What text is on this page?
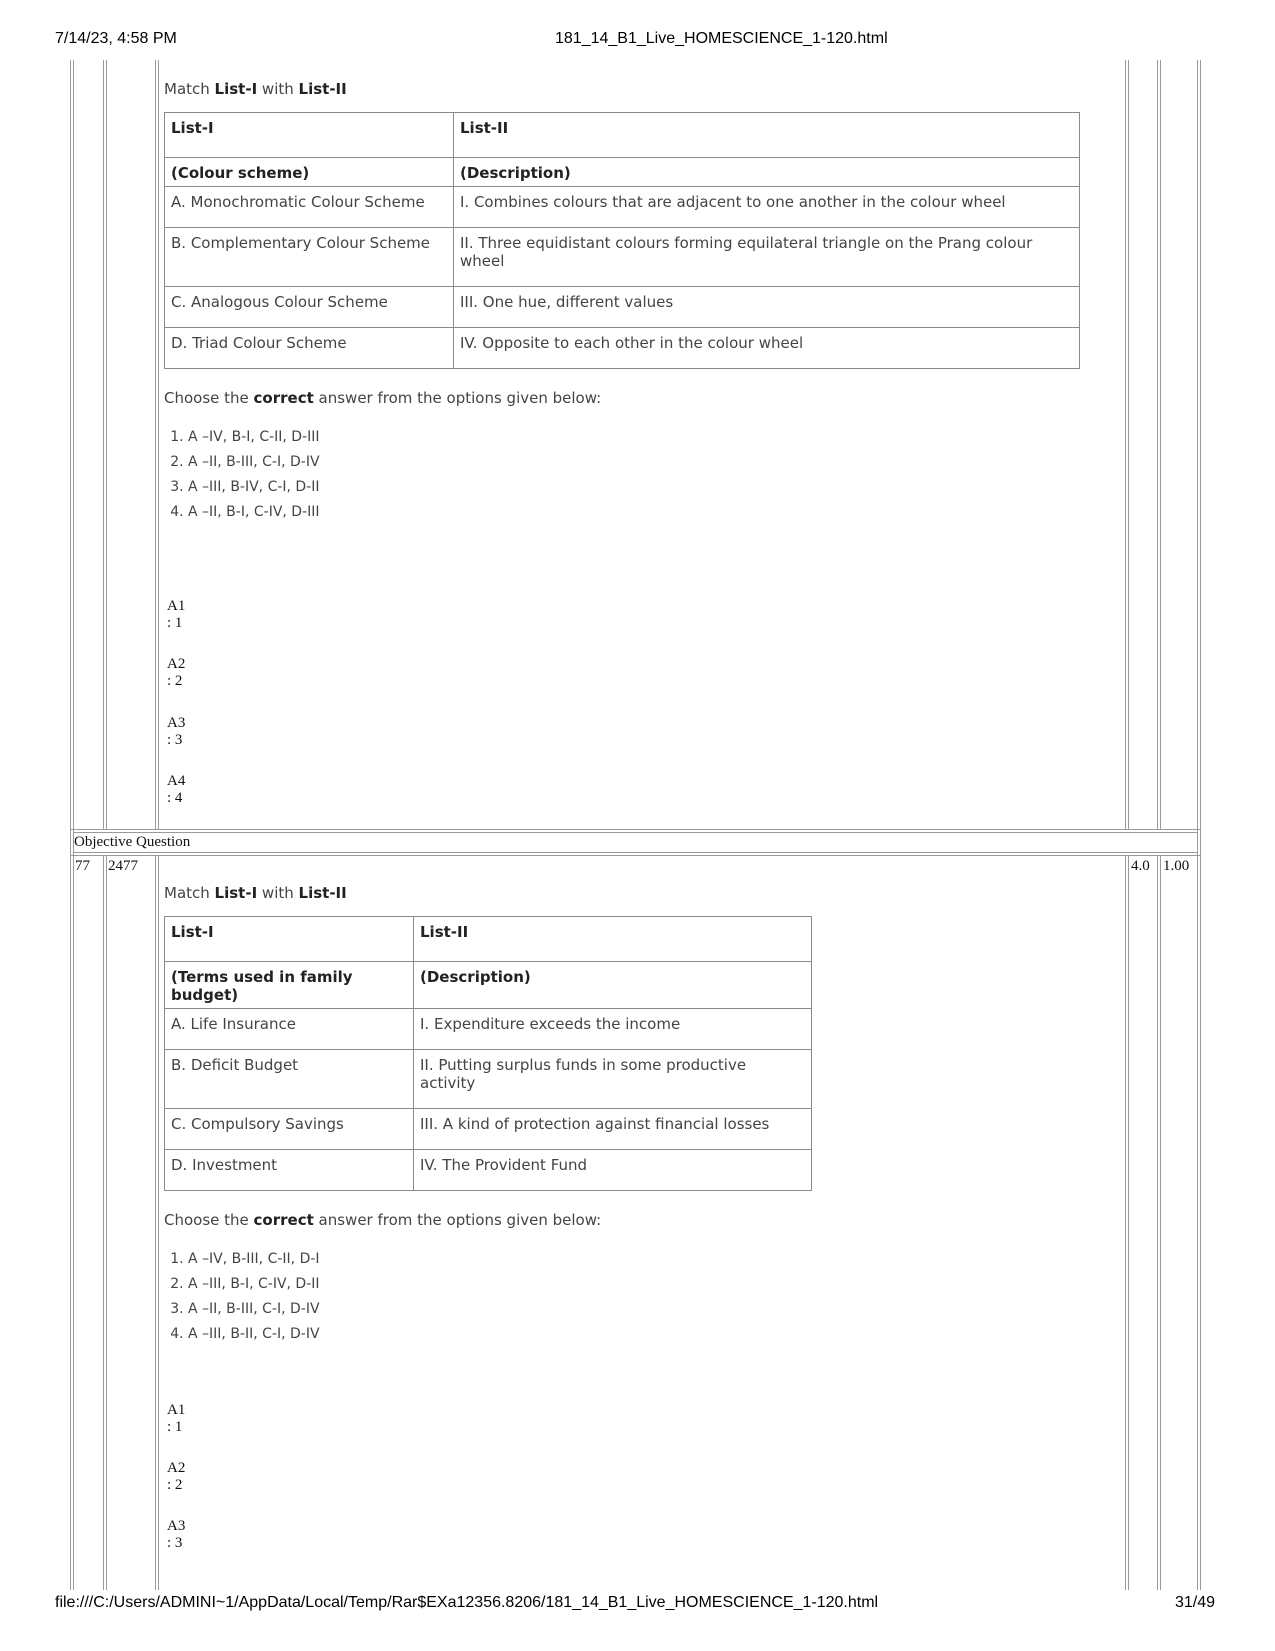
7/14/23, 4:58 PM	181_14_B1_Live_HOMESCIENCE_1-120.html
file:///C:/Users/ADMINI~1/AppData/Local/Temp/Rar$EXa12356.8206/181_14_B1_Live_HOMESCIENCE_1-120.html	31/49

Match List-I with List-II

List-I	List-II
(Colour scheme)	(Description)
A. Monochromatic Colour Scheme	I. Combines colours that are adjacent to one another in the colour wheel
B. Complementary Colour Scheme	II. Three equidistant colours forming equilateral triangle on the Prang colour wheel
C. Analogous Colour Scheme	III. One hue, different values
D. Triad Colour Scheme	IV. Opposite to each other in the colour wheel

Choose the correct answer from the options given below:

1. A –IV, B-I, C-II, D-III
2. A –II, B-III, C-I, D-IV
3. A –III, B-IV, C-I, D-II
4. A –II, B-I, C-IV, D-III
A1 : 1
A2 : 2
A3 : 3
A4 : 4
Objective Question
77 2477	4.0 1.00

Match List-I with List-II

List-I	List-II
(Terms used in family budget)	(Description)
A. Life Insurance	I. Expenditure exceeds the income
B. Deficit Budget	II. Putting surplus funds in some productive activity
C. Compulsory Savings	III. A kind of protection against financial losses
D. Investment	IV. The Provident Fund

Choose the correct answer from the options given below:

1. A –IV, B-III, C-II, D-I
2. A –III, B-I, C-IV, D-II
3. A –II, B-III, C-I, D-IV
4. A –III, B-II, C-I, D-IV
A1 : 1
A2 : 2
A3 : 3
